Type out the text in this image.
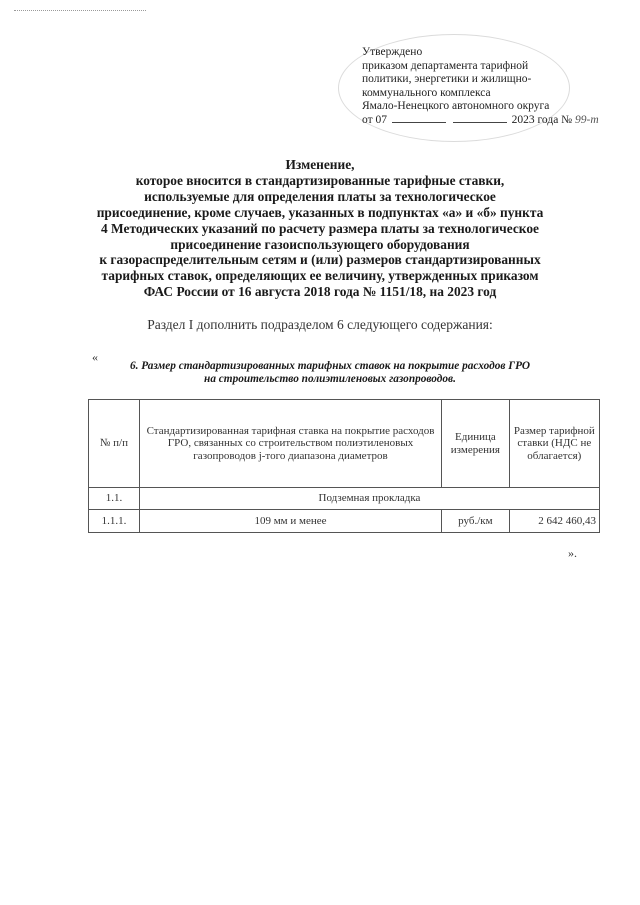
Утверждено
приказом департамента тарифной
политики, энергетики и жилищно-
коммунального комплекса
Ямало-Ненецкого автономного округа
от 07	2023 года № 99-т
Изменение,
которое вносится в стандартизированные тарифные ставки,
используемые для определения платы за технологическое
присоединение, кроме случаев, указанных в подпунктах «а» и «б» пункта
4 Методических указаний по расчету размера платы за технологическое
присоединение газоиспользующего оборудования
к газораспределительным сетям и (или) размеров стандартизированных
тарифных ставок, определяющих ее величину, утвержденных приказом
ФАС России от 16 августа 2018 года № 1151/18, на 2023 год
Раздел I дополнить подразделом 6 следующего содержания:
«
6. Размер стандартизированных тарифных ставок на покрытие расходов ГРО
на строительство полиэтиленовых газопроводов.
№ п/п	Стандартизированная тарифная ставка на покрытие расходов ГРО, связанных со строительством полиэтиленовых газопроводов j-того диапазона диаметров	Единица измерения	Размер тарифной ставки (НДС не облагается)
1.1.	Подземная прокладка		
1.1.1.	109 мм и менее	руб./км	2 642 460,43
».
